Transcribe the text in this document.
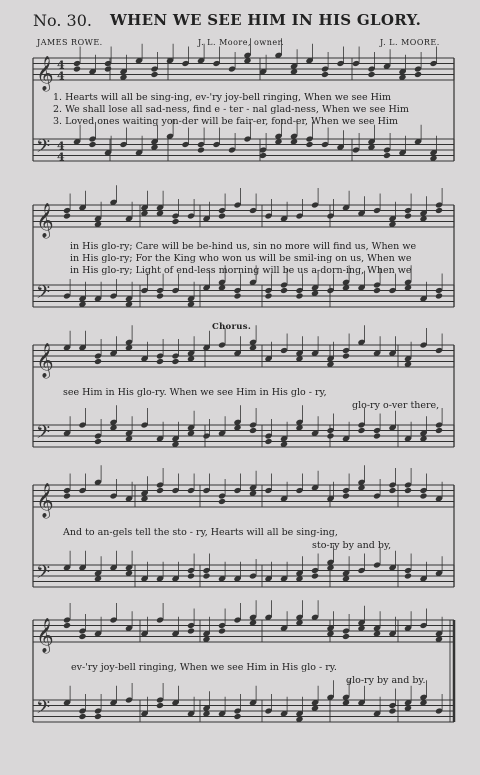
𝄞 4
4
𝄢 4
4
𝄞
𝄢
𝄞
𝄢
𝄞
𝄢
𝄞
𝄢
No. 30. WHEN WE SEE HIM IN HIS GLORY.
JAMES ROWE.	J. L. Moore, owner.	J. L. MOORE.
1. Hearts will all be sing-ing, ev-'ry joy-bell ringing, When we see Him
2. We shall lose all sad-ness, find e - ter - nal glad-ness, When we see Him
3. Loved ones waiting yon-der will be fair-er, fond-er, When we see Him
in His glo-ry; Care will be be-hind us, sin no more will find us, When we
in His glo-ry; For the King who won us will be smil-ing on us, When we
in His glo-ry; Light of end-less morning will be us a-dorn-ing, When we
Chorus.
see Him in His glo-ry. When we see Him in His glo - ry,
glo-ry o-ver there,
And to an-gels tell the sto - ry, Hearts will all be sing-ing,
sto-ry by and by,
ev-'ry joy-bell ringing, When we see Him in His glo - ry.
glo-ry by and by.
